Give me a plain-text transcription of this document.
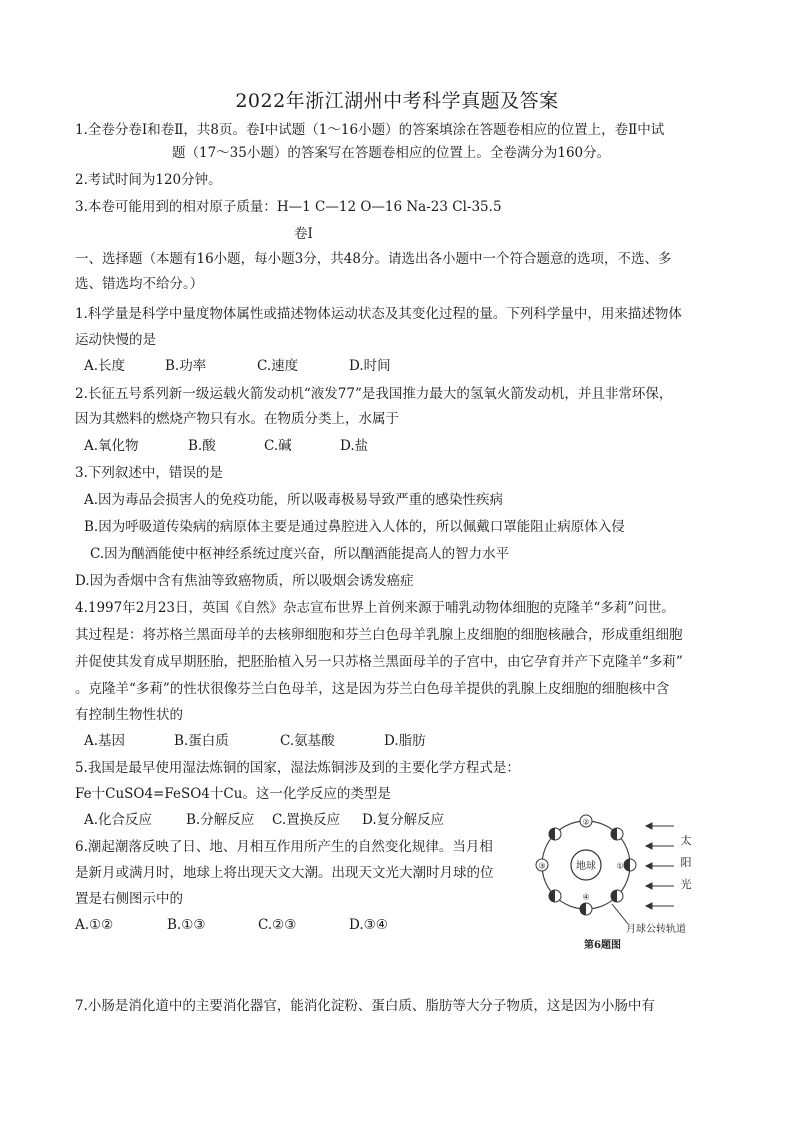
2022年浙江湖州中考科学真题及答案
1.全卷分卷Ⅰ和卷Ⅱ，共8页。卷Ⅰ中试题（1～16小题）的答案填涂在答题卷相应的位置上，卷Ⅱ中试
题（17～35小题）的答案写在答题卷相应的位置上。全卷满分为160分。
2.考试时间为120分钟。
3.本卷可能用到的相对原子质量：H—1 C—12 O—16 Na-23 Cl-35.5
卷Ⅰ
一、选择题（本题有16小题，每小题3分，共48分。请选出各小题中一个符合题意的选项，不选、多
选、错选均不给分。）
1.科学量是科学中量度物体属性或描述物体运动状态及其变化过程的量。下列科学量中，用来描述物体
运动快慢的是
A.长度	B.功率	C.速度	D.时间
2.长征五号系列新一级运载火箭发动机“液发77”是我国推力最大的氢氧火箭发动机，并且非常环保，
因为其燃料的燃烧产物只有水。在物质分类上，水属于
A.氧化物	B.酸	C.碱	D.盐
3.下列叙述中，错误的是
A.因为毒品会损害人的免疫功能，所以吸毒极易导致严重的感染性疾病
B.因为呼吸道传染病的病原体主要是通过鼻腔进入人体的，所以佩戴口罩能阻止病原体入侵
C.因为酗酒能使中枢神经系统过度兴奋，所以酗酒能提高人的智力水平
D.因为香烟中含有焦油等致癌物质，所以吸烟会诱发癌症
4.1997年2月23日，英国《自然》杂志宣布世界上首例来源于哺乳动物体细胞的克隆羊“多莉”问世。
其过程是：将苏格兰黑面母羊的去核卵细胞和芬兰白色母羊乳腺上皮细胞的细胞核融合，形成重组细胞
并促使其发育成早期胚胎，把胚胎植入另一只苏格兰黑面母羊的子宫中，由它孕育并产下克隆羊“多莉”
。克隆羊“多莉”的性状很像芬兰白色母羊，这是因为芬兰白色母羊提供的乳腺上皮细胞的细胞核中含
有控制生物性状的
A.基因	B.蛋白质	C.氨基酸	D.脂肪
5.我国是最早使用湿法炼铜的国家，湿法炼铜涉及到的主要化学方程式是：
Fe十CuSO4=FeSO4十Cu。这一化学反应的类型是
A.化合反应	B.分解反应 C.置换反应 D.复分解反应
6.潮起潮落反映了日、地、月相互作用所产生的自然变化规律。当月相
是新月或满月时，地球上将出现天文大潮。出现天文光大潮时月球的位
置是右侧图示中的
A.①②	B.①③	C.②③	D.③④
地球
②
③	①
④
太
阳
光
月球公转轨道
第6题图
7.小肠是消化道中的主要消化器官，能消化淀粉、蛋白质、脂肪等大分子物质，这是因为小肠中有
